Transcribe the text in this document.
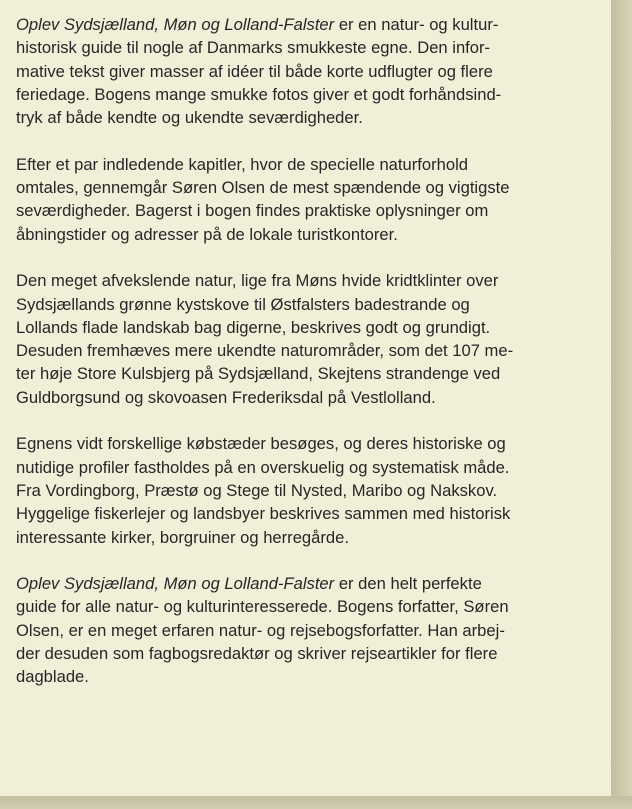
Oplev Sydsjælland, Møn og Lolland-Falster er en natur- og kultur-
historisk guide til nogle af Danmarks smukkeste egne. Den infor-
mative tekst giver masser af idéer til både korte udflugter og flere
feriedage. Bogens mange smukke fotos giver et godt forhåndsind-
tryk af både kendte og ukendte seværdigheder.

Efter et par indledende kapitler, hvor de specielle naturforhold
omtales, gennemgår Søren Olsen de mest spændende og vigtigste
seværdigheder. Bagerst i bogen findes praktiske oplysninger om
åbningstider og adresser på de lokale turistkontorer.

Den meget afvekslende natur, lige fra Møns hvide kridtklinter over
Sydsjællands grønne kystskove til Østfalsters badestrande og
Lollands flade landskab bag digerne, beskrives godt og grundigt.
Desuden fremhæves mere ukendte naturområder, som det 107 me-
ter høje Store Kulsbjerg på Sydsjælland, Skejtens strandenge ved
Guldborgsund og skovoasen Frederiksdal på Vestlolland.

Egnens vidt forskellige købstæder besøges, og deres historiske og
nutidige profiler fastholdes på en overskuelig og systematisk måde.
Fra Vordingborg, Præstø og Stege til Nysted, Maribo og Nakskov.
Hyggelige fiskerlejer og landsbyer beskrives sammen med historisk
interessante kirker, borgruiner og herregårde.

Oplev Sydsjælland, Møn og Lolland-Falster er den helt perfekte
guide for alle natur- og kulturinteresserede. Bogens forfatter, Søren
Olsen, er en meget erfaren natur- og rejsebogsforfatter. Han arbej-
der desuden som fagbogsredaktør og skriver rejseartikler for flere
dagblade.
